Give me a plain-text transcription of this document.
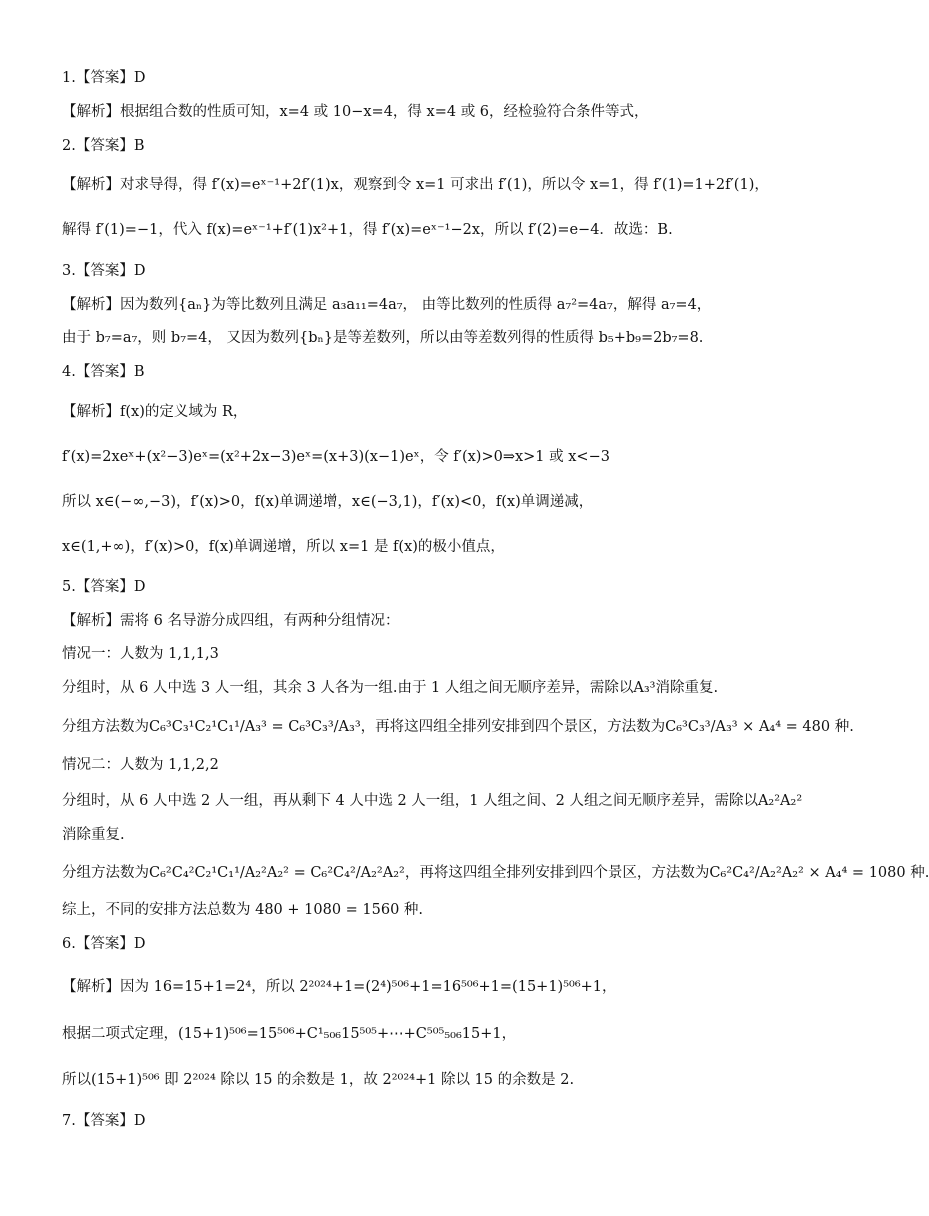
1.【答案】D
【解析】根据组合数的性质可知，x=4 或 10−x=4，得 x=4 或 6，经检验符合条件等式，
2.【答案】B
【解析】对求导得，得 f′(x)=eˣ⁻¹+2f′(1)x，观察到令 x=1 可求出 f′(1)，所以令 x=1，得 f′(1)=1+2f′(1)，
解得 f′(1)=−1，代入 f(x)=eˣ⁻¹+f′(1)x²+1，得 f′(x)=eˣ⁻¹−2x，所以 f′(2)=e−4．故选：B.
3.【答案】D
【解析】因为数列{aₙ}为等比数列且满足 a₃a₁₁=4a₇， 由等比数列的性质得 a₇²=4a₇，解得 a₇=4，
由于 b₇=a₇，则 b₇=4， 又因为数列{bₙ}是等差数列，所以由等差数列得的性质得 b₅+b₉=2b₇=8.
4.【答案】B
【解析】f(x)的定义域为 R，
f′(x)=2xeˣ+(x²−3)eˣ=(x²+2x−3)eˣ=(x+3)(x−1)eˣ，令 f′(x)>0⇒x>1 或 x<−3
所以 x∈(−∞,−3)，f′(x)>0，f(x)单调递增，x∈(−3,1)，f′(x)<0，f(x)单调递减，
x∈(1,+∞)，f′(x)>0，f(x)单调递增，所以 x=1 是 f(x)的极小值点，
5.【答案】D
【解析】需将 6 名导游分成四组，有两种分组情况：
情况一：人数为 1,1,1,3
分组时，从 6 人中选 3 人一组，其余 3 人各为一组.由于 1 人组之间无顺序差异，需除以A₃³消除重复.
分组方法数为C₆³C₃¹C₂¹C₁¹/A₃³ = C₆³C₃³/A₃³，再将这四组全排列安排到四个景区，方法数为C₆³C₃³/A₃³ × A₄⁴ = 480 种.
情况二：人数为 1,1,2,2
分组时，从 6 人中选 2 人一组，再从剩下 4 人中选 2 人一组，1 人组之间、2 人组之间无顺序差异，需除以A₂²A₂²
消除重复.
分组方法数为C₆²C₄²C₂¹C₁¹/A₂²A₂² = C₆²C₄²/A₂²A₂²，再将这四组全排列安排到四个景区，方法数为C₆²C₄²/A₂²A₂² × A₄⁴ = 1080 种.
综上，不同的安排方法总数为 480 + 1080 = 1560 种.
6.【答案】D
【解析】因为 16=15+1=2⁴，所以 2²⁰²⁴+1=(2⁴)⁵⁰⁶+1=16⁵⁰⁶+1=(15+1)⁵⁰⁶+1，
根据二项式定理，(15+1)⁵⁰⁶=15⁵⁰⁶+C¹₅₀₆15⁵⁰⁵+⋯+C⁵⁰⁵₅₀₆15+1，
所以(15+1)⁵⁰⁶ 即 2²⁰²⁴ 除以 15 的余数是 1，故 2²⁰²⁴+1 除以 15 的余数是 2.
7.【答案】D
